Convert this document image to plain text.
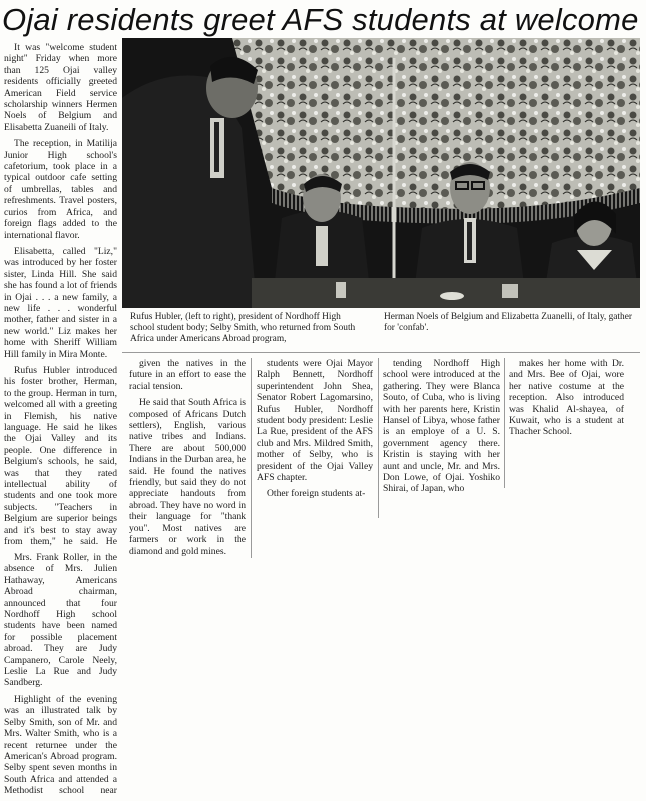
Ojai residents greet AFS students at welcome

It was "welcome student night" Friday when more than 125 Ojai valley residents officially greeted American Field service scholarship winners Hermen Noels of Belgium and Elisabetta Zuaneili of Italy.

The reception, in Matilija Junior High school's cafetorium, took place in a typical outdoor cafe setting of umbrellas, tables and refreshments. Travel posters, curios from Africa, and foreign flags added to the international flavor.

Elisabetta, called "Liz," was introduced by her foster sister, Linda Hill. She said she has found a lot of friends in Ojai . . . a new family, a new life . . . wonderful mother, father and sister in a new world." Liz makes her home with Sheriff William Hill family in Mira Monte.

Rufus Hubler introduced his foster brother, Herman, to the group. Herman in turn, welcomed all with a greeting in Flemish, his native language. He said he likes the Ojai Valley and its people. One difference in Belgium's schools, he said, was that they rated intellectual ability of students and one took more subjects. "Teachers in Belgium are superior beings and it's best to stay away from them," he said. He

Mrs. Frank Roller, in the absence of Mrs. Julien Hathaway, Americans Abroad chairman, announced that four Nordhoff High school students have been named for possible placement abroad. They are Judy Campanero, Carole Neely, Leslie La Rue and Judy Sandberg.

Highlight of the evening was an illustrated talk by Selby Smith, son of Mr. and Mrs. Walter Smith, who is a recent returnee under the American's Abroad program. Selby spent seven months in South Africa and attended a Methodist school near

Rufus Hubler, (left to right), president of Nordhoff High school student body; Selby Smith, who returned from South Africa under Americans Abroad program,
Herman Noels of Belgium and Elizabetta Zuanelli, of Italy, gather for 'confab'.

given the natives in the future in an effort to ease the racial tension.

He said that South Africa is composed of Africans Dutch settlers), English, various native tribes and Indians. There are about 500,000 Indians in the Durban area, he said. He found the natives friendly, but said they do not appreciate handouts from abroad. They have no word in their language for "thank you". Most natives are farmers or work in the diamond and gold mines.

students were Ojai Mayor Ralph Bennett, Nordhoff superintendent John Shea, Senator Robert Lagomarsino, Rufus Hubler, Nordhoff student body president: Leslie La Rue, president of the AFS club and Mrs. Mildred Smith, mother of Selby, who is president of the Ojai Valley AFS chapter.

Other foreign students at-

tending Nordhoff High school were introduced at the gathering. They were Blanca Souto, of Cuba, who is living with her parents here, Kristin Hansel of Libya, whose father is an employe of a U. S. government agency there. Kristin is staying with her aunt and uncle, Mr. and Mrs. Don Lowe, of Ojai. Yoshiko Shirai, of Japan, who

makes her home with Dr. and Mrs. Bee of Ojai, wore her native costume at the reception. Also introduced was Khalid Al-shayea, of Kuwait, who is a student at Thacher School.
